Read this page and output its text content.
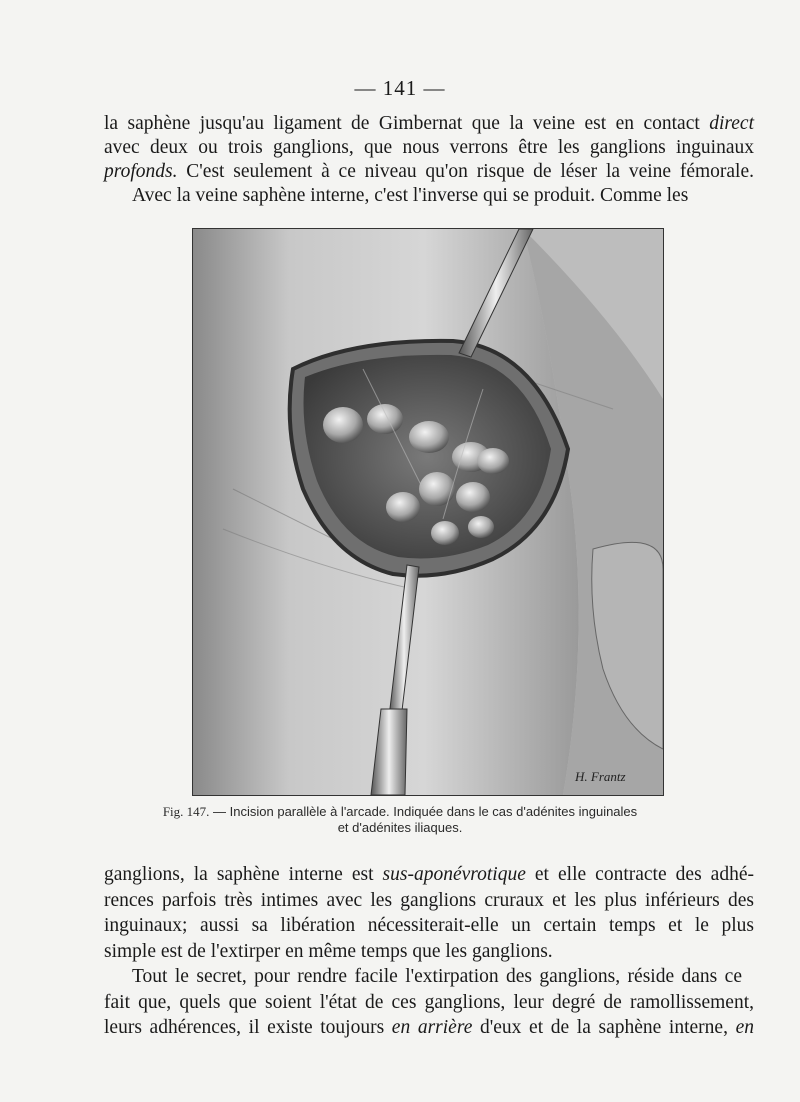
— 141 —
la saphène jusqu'au ligament de Gimbernat que la veine est en contact direct
avec deux ou trois ganglions, que nous verrons être les ganglions inguinaux
profonds. C'est seulement à ce niveau qu'on risque de léser la veine fémorale.
Avec la veine saphène interne, c'est l'inverse qui se produit. Comme les
H. Frantz
Fig. 147. — Incision parallèle à l'arcade. Indiquée dans le cas d'adénites inguinales
et d'adénites iliaques.
ganglions, la saphène interne est sus-aponévrotique et elle contracte des adhé-
rences parfois très intimes avec les ganglions cruraux et les plus inférieurs des
inguinaux; aussi sa libération nécessiterait-elle un certain temps et le plus
simple est de l'extirper en même temps que les ganglions.
Tout le secret, pour rendre facile l'extirpation des ganglions, réside dans ce
fait que, quels que soient l'état de ces ganglions, leur degré de ramollissement,
leurs adhérences, il existe toujours en arrière d'eux et de la saphène interne, en
